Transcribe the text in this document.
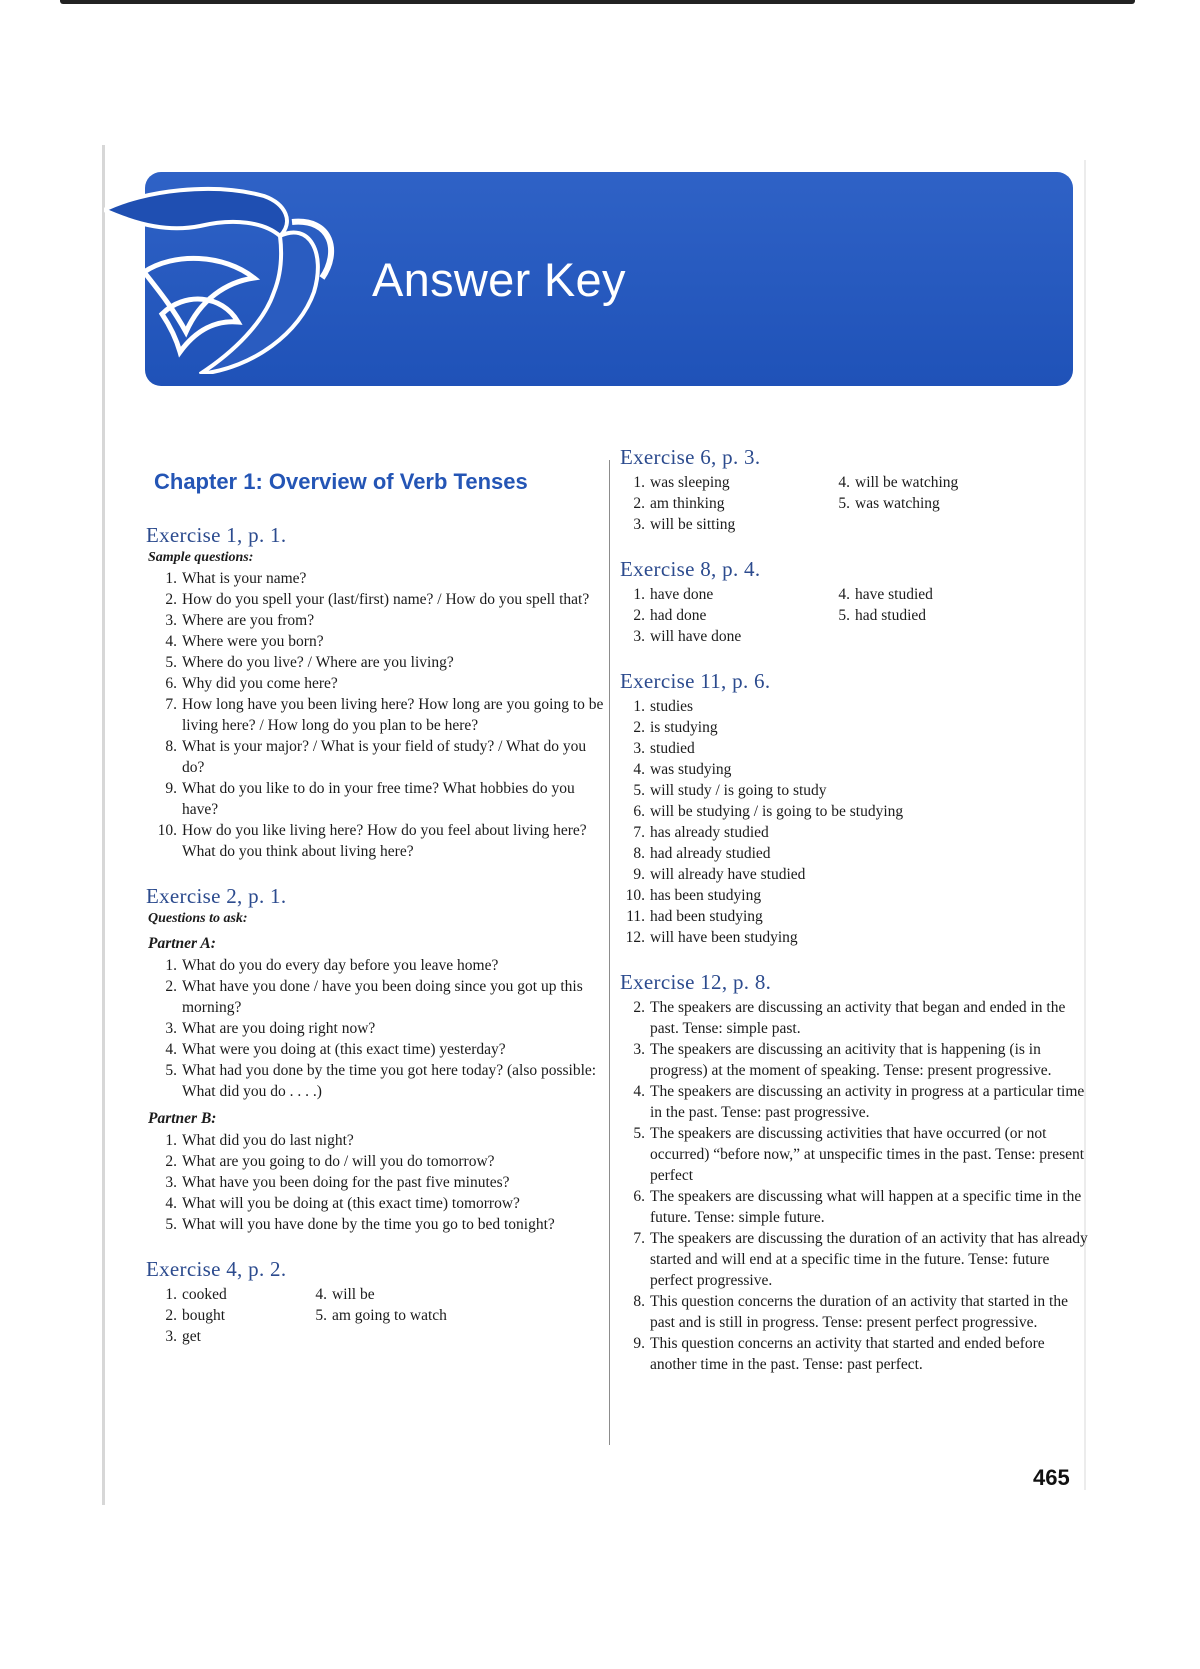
Answer Key
Chapter 1: Overview of Verb Tenses
Exercise 1, p. 1.
Sample questions:
1. What is your name?
2. How do you spell your (last/first) name? / How do you spell that?
3. Where are you from?
4. Where were you born?
5. Where do you live? / Where are you living?
6. Why did you come here?
7. How long have you been living here? How long are you going to be living here? / How long do you plan to be here?
8. What is your major? / What is your field of study? / What do you do?
9. What do you like to do in your free time? What hobbies do you have?
10. How do you like living here? How do you feel about living here? What do you think about living here?
Exercise 2, p. 1.
Questions to ask:
Partner A:
1. What do you do every day before you leave home?
2. What have you done / have you been doing since you got up this morning?
3. What are you doing right now?
4. What were you doing at (this exact time) yesterday?
5. What had you done by the time you got here today? (also possible: What did you do . . . .)
Partner B:
1. What did you do last night?
2. What are you going to do / will you do tomorrow?
3. What have you been doing for the past five minutes?
4. What will you be doing at (this exact time) tomorrow?
5. What will you have done by the time you go to bed tonight?
Exercise 4, p. 2.
1. cooked
2. bought
3. get
4. will be
5. am going to watch
Exercise 6, p. 3.
1. was sleeping
2. am thinking
3. will be sitting
4. will be watching
5. was watching
Exercise 8, p. 4.
1. have done
2. had done
3. will have done
4. have studied
5. had studied
Exercise 11, p. 6.
1. studies
2. is studying
3. studied
4. was studying
5. will study / is going to study
6. will be studying / is going to be studying
7. has already studied
8. had already studied
9. will already have studied
10. has been studying
11. had been studying
12. will have been studying
Exercise 12, p. 8.
2. The speakers are discussing an activity that began and ended in the past. Tense: simple past.
3. The speakers are discussing an acitivity that is happening (is in progress) at the moment of speaking. Tense: present progressive.
4. The speakers are discussing an activity in progress at a particular time in the past. Tense: past progressive.
5. The speakers are discussing activities that have occurred (or not occurred) “before now,” at unspecific times in the past. Tense: present perfect
6. The speakers are discussing what will happen at a specific time in the future. Tense: simple future.
7. The speakers are discussing the duration of an activity that has already started and will end at a specific time in the future. Tense: future perfect progressive.
8. This question concerns the duration of an activity that started in the past and is still in progress. Tense: present perfect progressive.
9. This question concerns an activity that started and ended before another time in the past. Tense: past perfect.
465
